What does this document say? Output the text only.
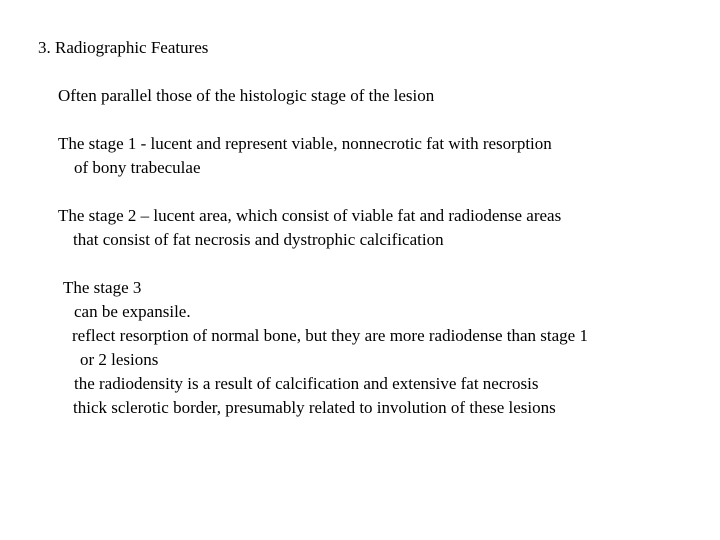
3. Radiographic Features
Often parallel those of the histologic stage of the lesion
The stage 1 - lucent and represent viable, nonnecrotic fat with resorption
of bony trabeculae
The stage 2 – lucent area, which consist of viable fat and radiodense areas
that consist of fat necrosis and dystrophic calcification
The stage 3
can be expansile.
reflect resorption of normal bone, but they are more radiodense than stage 1
or 2 lesions
the radiodensity is a result of calcification and extensive fat necrosis
thick sclerotic border, presumably related to involution of these lesions
